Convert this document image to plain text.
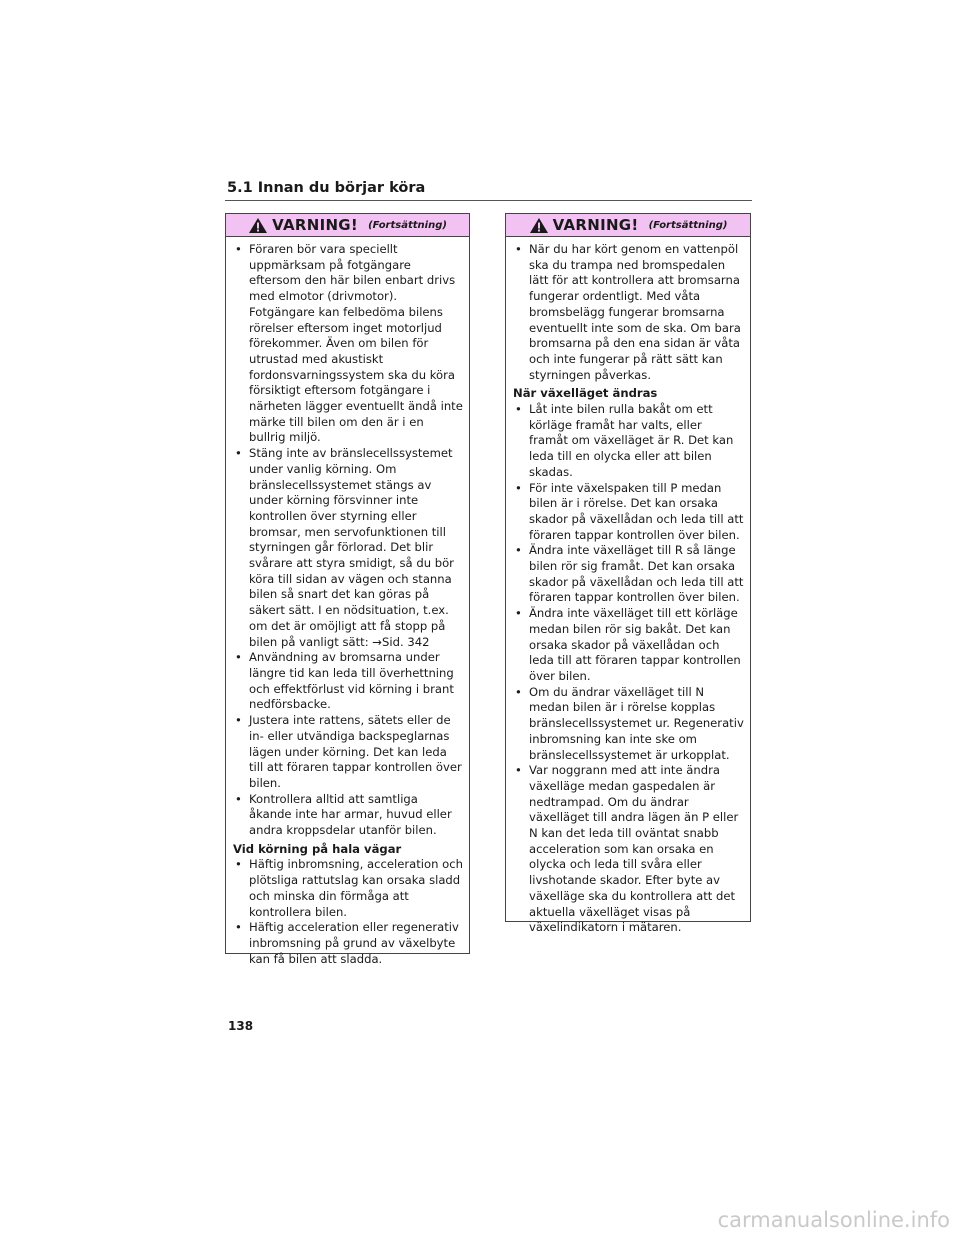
5.1 Innan du börjar köra
VARNING! (Fortsättning)
• Föraren bör vara speciellt uppmärksam på fotgängare eftersom den här bilen enbart drivs med elmotor (drivmotor). Fotgängare kan felbedöma bilens rörelser eftersom inget motorljud förekommer. Även om bilen för utrustad med akustiskt fordonsvarningssystem ska du köra försiktigt eftersom fotgängare i närheten lägger eventuellt ändå inte märke till bilen om den är i en bullrig miljö.
• Stäng inte av bränslecellssystemet under vanlig körning. Om bränslecellssystemet stängs av under körning försvinner inte kontrollen över styrning eller bromsar, men servofunktionen till styrningen går förlorad. Det blir svårare att styra smidigt, så du bör köra till sidan av vägen och stanna bilen så snart det kan göras på säkert sätt. I en nödsituation, t.ex. om det är omöjligt att få stopp på bilen på vanligt sätt: →Sid. 342
• Användning av bromsarna under längre tid kan leda till överhettning och effektförlust vid körning i brant nedförsbacke.
• Justera inte rattens, sätets eller de in- eller utvändiga backspeglarnas lägen under körning. Det kan leda till att föraren tappar kontrollen över bilen.
• Kontrollera alltid att samtliga åkande inte har armar, huvud eller andra kroppsdelar utanför bilen.
Vid körning på hala vägar
• Häftig inbromsning, acceleration och plötsliga rattutslag kan orsaka sladd och minska din förmåga att kontrollera bilen.
• Häftig acceleration eller regenerativ inbromsning på grund av växelbyte kan få bilen att sladda.
VARNING! (Fortsättning)
• När du har kört genom en vattenpöl ska du trampa ned bromspedalen lätt för att kontrollera att bromsarna fungerar ordentligt. Med våta bromsbelägg fungerar bromsarna eventuellt inte som de ska. Om bara bromsarna på den ena sidan är våta och inte fungerar på rätt sätt kan styrningen påverkas.
När växelläget ändras
• Låt inte bilen rulla bakåt om ett körläge framåt har valts, eller framåt om växelläget är R. Det kan leda till en olycka eller att bilen skadas.
• För inte växelspaken till P medan bilen är i rörelse. Det kan orsaka skador på växellådan och leda till att föraren tappar kontrollen över bilen.
• Ändra inte växelläget till R så länge bilen rör sig framåt. Det kan orsaka skador på växellådan och leda till att föraren tappar kontrollen över bilen.
• Ändra inte växelläget till ett körläge medan bilen rör sig bakåt. Det kan orsaka skador på växellådan och leda till att föraren tappar kontrollen över bilen.
• Om du ändrar växelläget till N medan bilen är i rörelse kopplas bränslecellssystemet ur. Regenerativ inbromsning kan inte ske om bränslecellssystemet är urkopplat.
• Var noggrann med att inte ändra växelläge medan gaspedalen är nedtrampad. Om du ändrar växelläget till andra lägen än P eller N kan det leda till oväntat snabb acceleration som kan orsaka en olycka och leda till svåra eller livshotande skador. Efter byte av växelläge ska du kontrollera att det aktuella växelläget visas på växelindikatorn i mätaren.
138
carmanualsonline.info
